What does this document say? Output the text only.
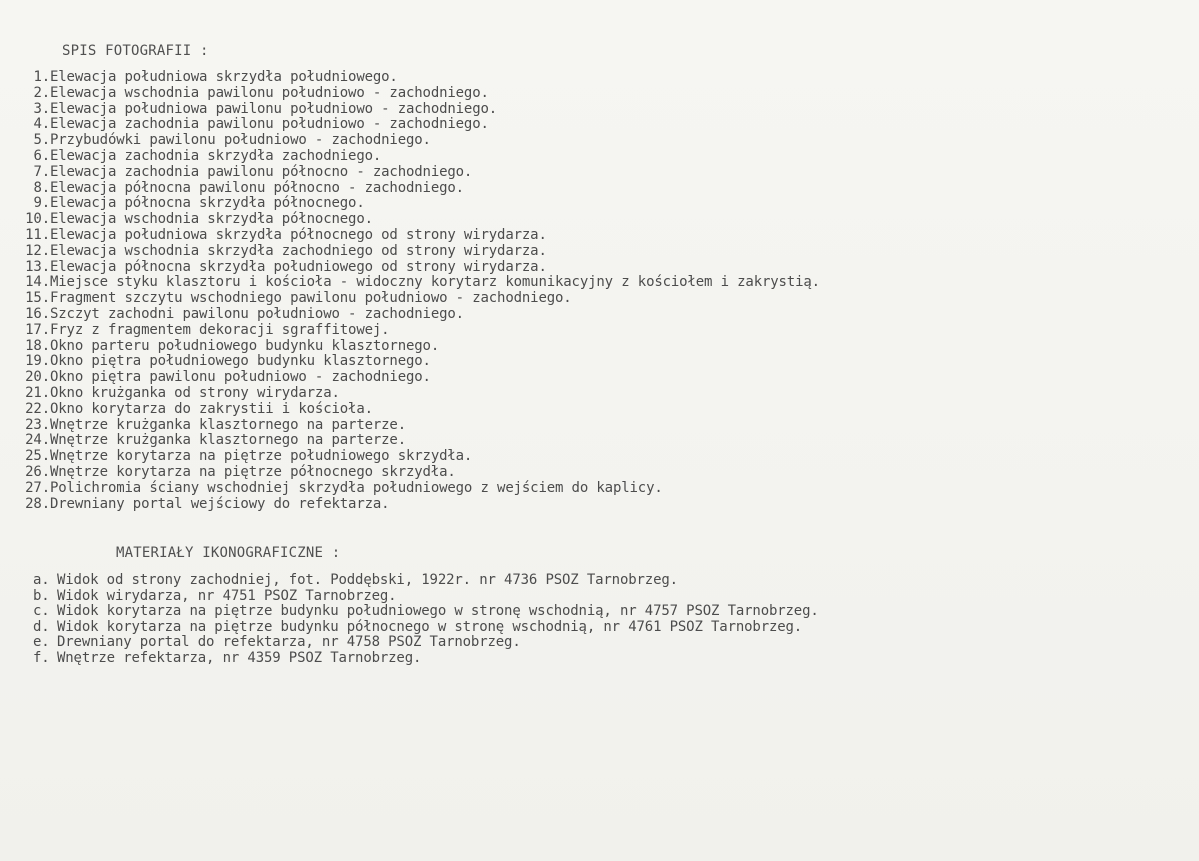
SPIS FOTOGRAFII :
1. Elewacja południowa skrzydła południowego.
2. Elewacja wschodnia pawilonu południowo - zachodniego.
3. Elewacja południowa pawilonu południowo - zachodniego.
4. Elewacja zachodnia pawilonu południowo - zachodniego.
5. Przybudówki pawilonu południowo - zachodniego.
6. Elewacja zachodnia skrzydła zachodniego.
7. Elewacja zachodnia pawilonu północno - zachodniego.
8. Elewacja północna pawilonu północno - zachodniego.
9. Elewacja północna skrzydła północnego.
10. Elewacja wschodnia skrzydła północnego.
11. Elewacja południowa skrzydła północnego od strony wirydarza.
12. Elewacja wschodnia skrzydła zachodniego od strony wirydarza.
13. Elewacja północna skrzydła południowego od strony wirydarza.
14. Miejsce styku klasztoru i kościoła - widoczny korytarz komunikacyjny z kościołem i zakrystią.
15. Fragment szczytu wschodniego pawilonu południowo - zachodniego.
16. Szczyt zachodni pawilonu południowo - zachodniego.
17. Fryz z fragmentem dekoracji sgraffitowej.
18. Okno parteru południowego budynku klasztornego.
19. Okno piętra południowego budynku klasztornego.
20. Okno piętra pawilonu południowo - zachodniego.
21. Okno krużganka od strony wirydarza.
22. Okno korytarza do zakrystii i kościoła.
23. Wnętrze krużganka klasztornego na parterze.
24. Wnętrze krużganka klasztornego na parterze.
25. Wnętrze korytarza na piętrze południowego skrzydła.
26. Wnętrze korytarza na piętrze północnego skrzydła.
27. Polichromia ściany wschodniej skrzydła południowego z wejściem do kaplicy.
28. Drewniany portal wejściowy do refektarza.
MATERIAŁY IKONOGRAFICZNE :
a. Widok od strony zachodniej, fot. Poddębski, 1922r. nr 4736 PSOZ Tarnobrzeg.
b. Widok wirydarza, nr 4751 PSOZ Tarnobrzeg.
c. Widok korytarza na piętrze budynku południowego w stronę wschodnią, nr 4757 PSOZ Tarnobrzeg.
d. Widok korytarza na piętrze budynku północnego w stronę wschodnią, nr 4761 PSOZ Tarnobrzeg.
e. Drewniany portal do refektarza, nr 4758 PSOZ Tarnobrzeg.
f. Wnętrze refektarza, nr 4359 PSOZ Tarnobrzeg.
